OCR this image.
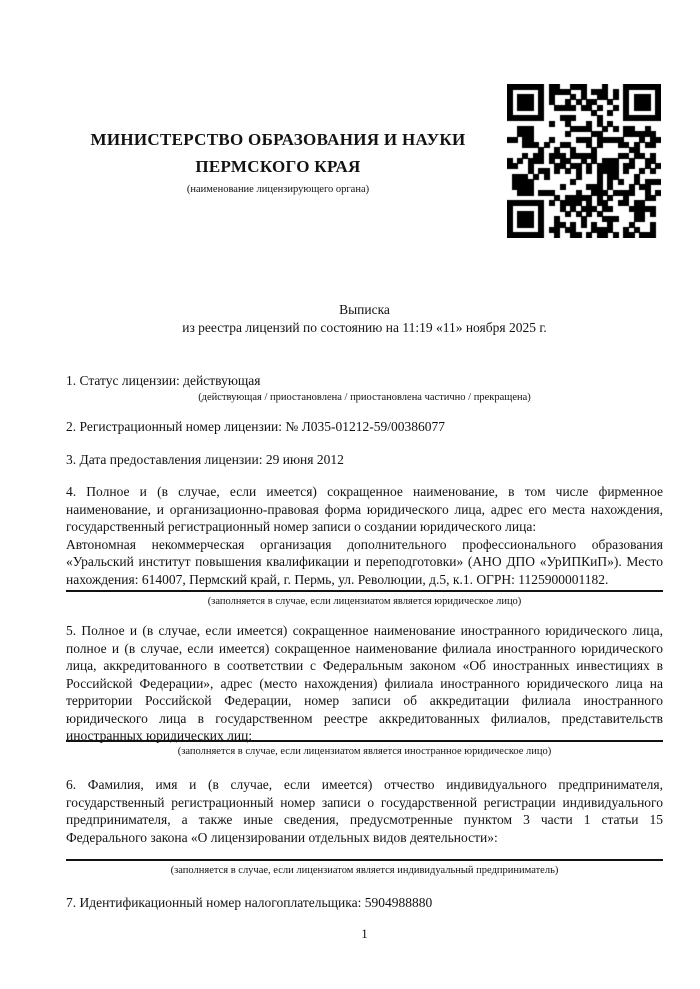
МИНИСТЕРСТВО ОБРАЗОВАНИЯ И НАУКИ ПЕРМСКОГО КРАЯ
(наименование лицензирующего органа)
Выписка
из реестра лицензий по состоянию на 11:19 «11» ноября 2025 г.
1. Статус лицензии: действующая
(действующая / приостановлена / приостановлена частично / прекращена)
2. Регистрационный номер лицензии: № Л035-01212-59/00386077
3. Дата предоставления лицензии: 29 июня 2012

4. Полное и (в случае, если имеется) сокращенное наименование, в том числе фирменное наименование, и организационно-правовая форма юридического лица, адрес его места нахождения, государственный регистрационный номер записи о создании юридического лица:

Автономная некоммерческая организация дополнительного профессионального образования «Уральский институт повышения квалификации и переподготовки» (АНО ДПО «УрИПКиП»). Место нахождения: 614007, Пермский край, г. Пермь, ул. Революции, д.5, к.1. ОГРН: 1125900001182.

(заполняется в случае, если лицензиатом является юридическое лицо)

5. Полное и (в случае, если имеется) сокращенное наименование иностранного юридического лица, полное и (в случае, если имеется) сокращенное наименование филиала иностранного юридического лица, аккредитованного в соответствии с Федеральным законом «Об иностранных инвестициях в Российской Федерации», адрес (место нахождения) филиала иностранного юридического лица на территории Российской Федерации, номер записи об аккредитации филиала иностранного юридического лица в государственном реестре аккредитованных филиалов, представительств иностранных юридических лиц:

(заполняется в случае, если лицензиатом является иностранное юридическое лицо)

6. Фамилия, имя и (в случае, если имеется) отчество индивидуального предпринимателя, государственный регистрационный номер записи о государственной регистрации индивидуального предпринимателя, а также иные сведения, предусмотренные пунктом 3 части 1 статьи 15 Федерального закона «О лицензировании отдельных видов деятельности»:

(заполняется в случае, если лицензиатом является индивидуальный предприниматель)
7. Идентификационный номер налогоплательщика: 5904988880
1
